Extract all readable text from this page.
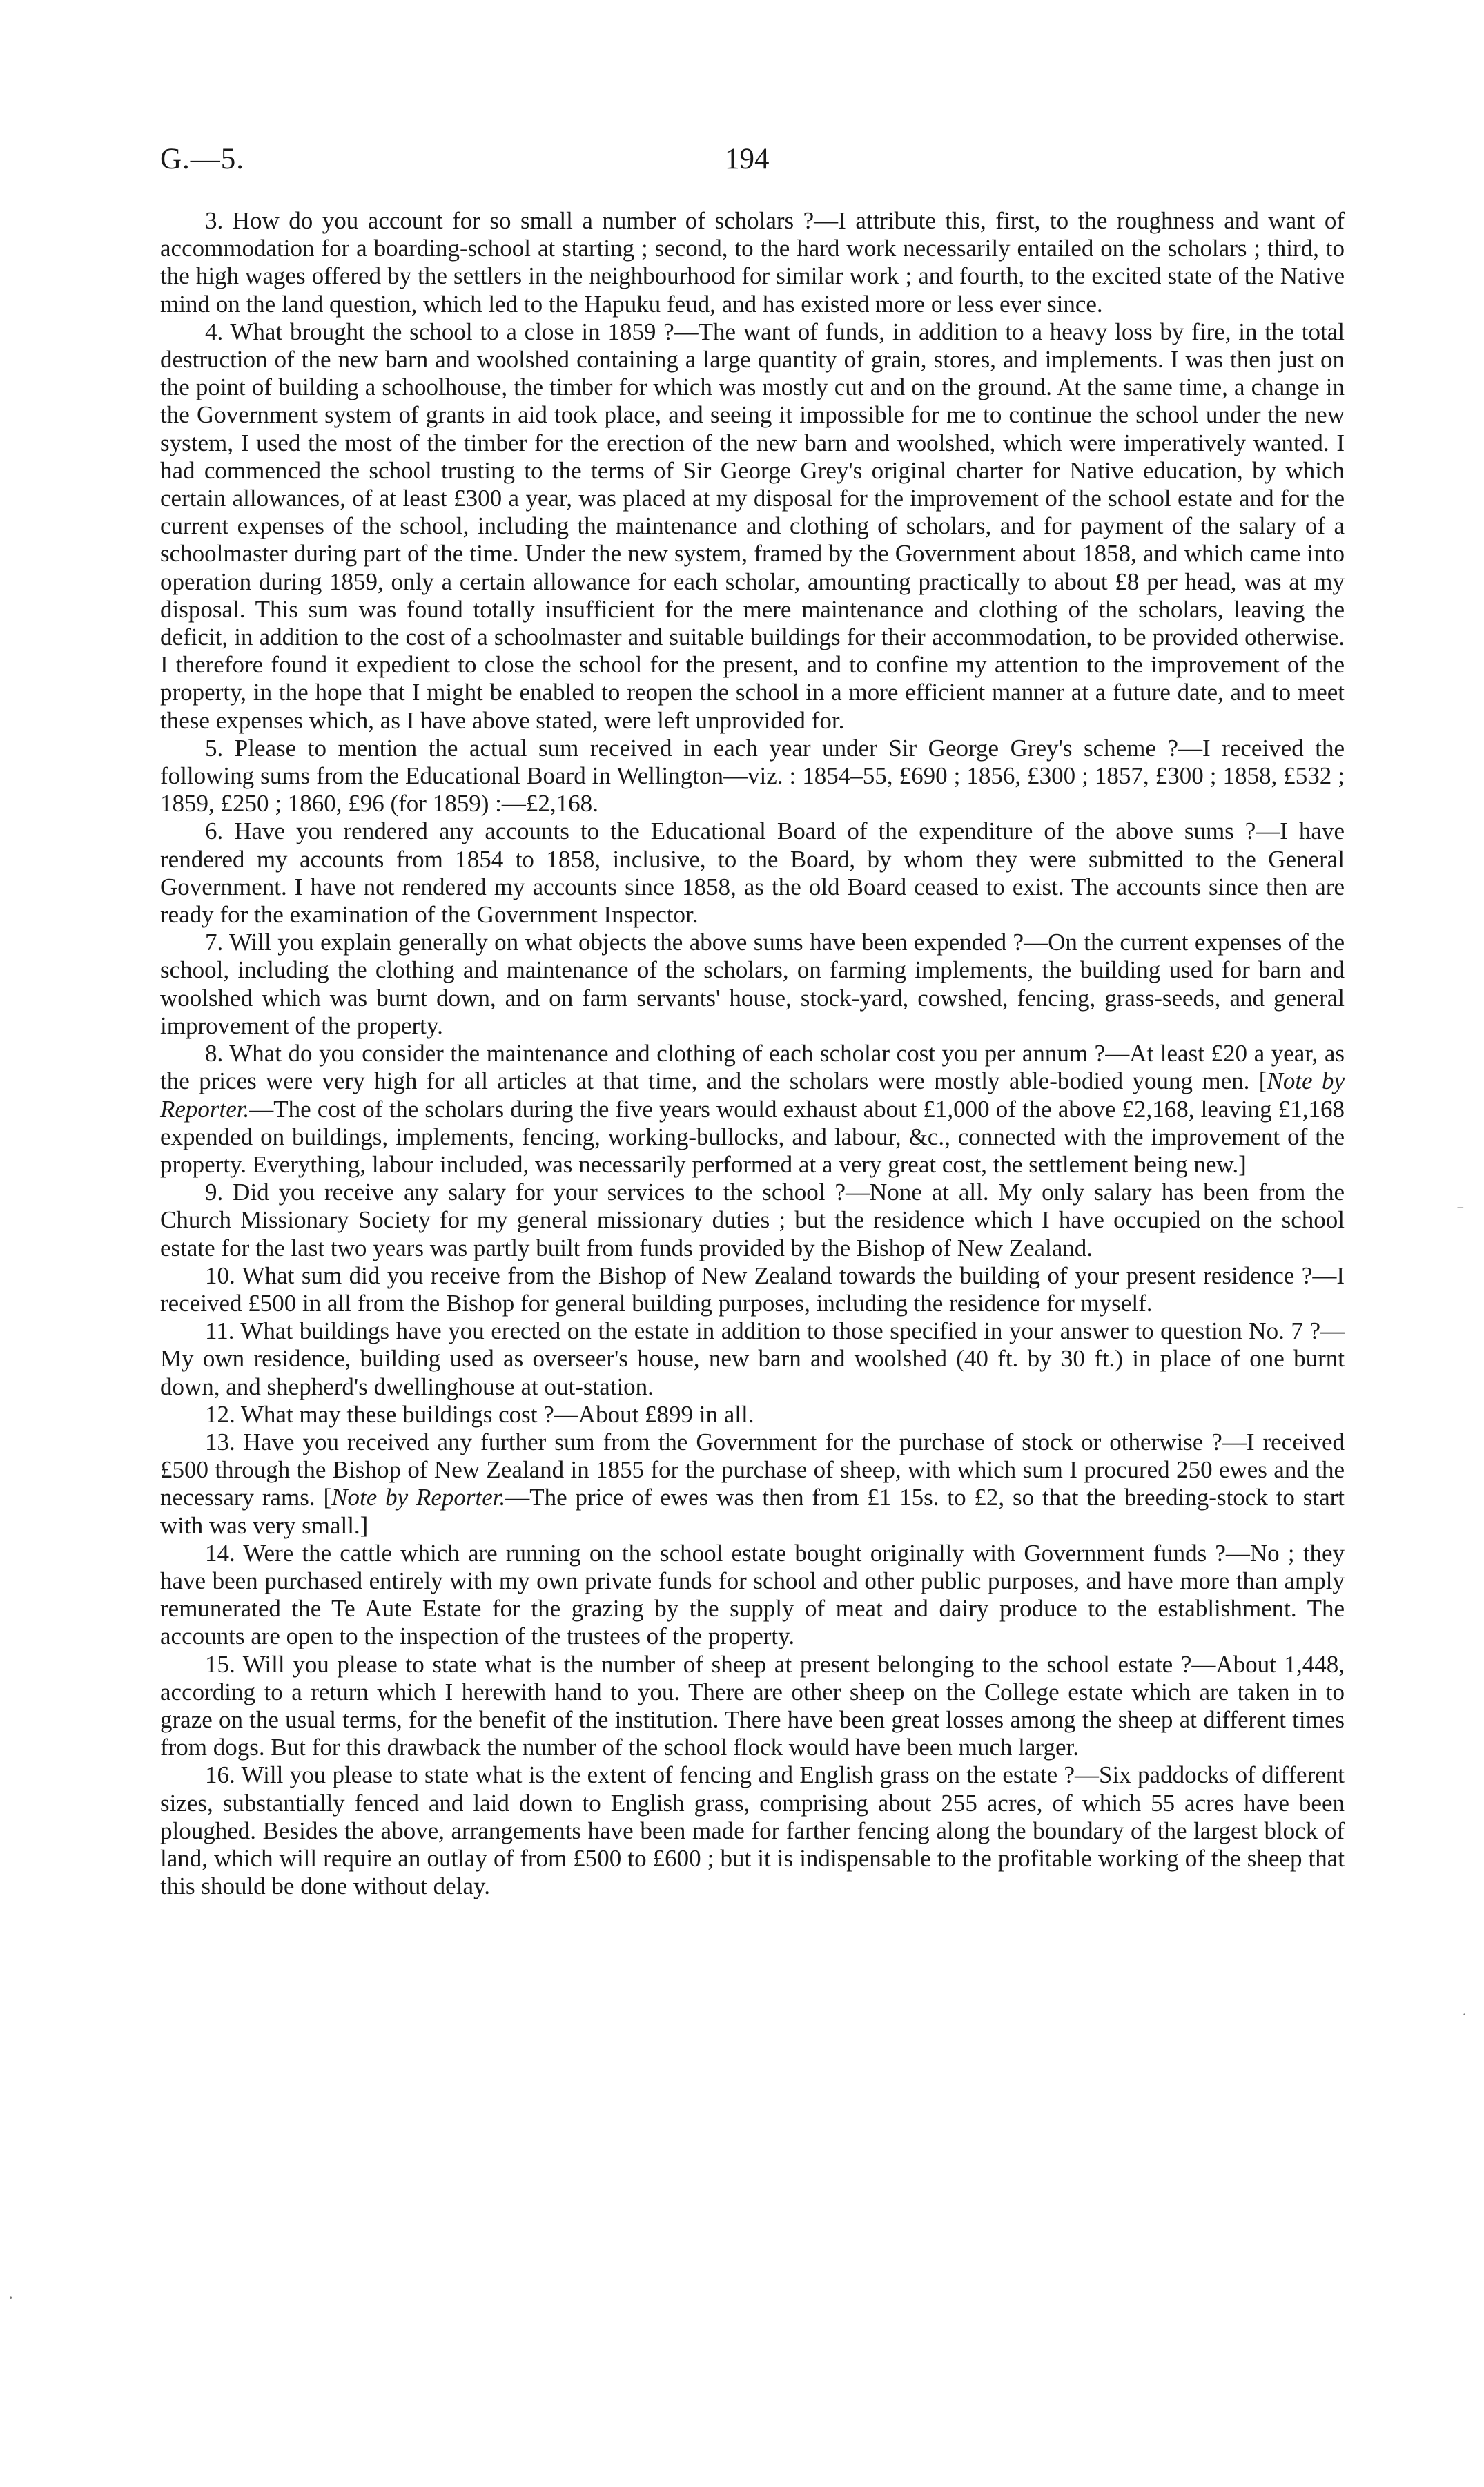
G.—5.	194

3. How do you account for so small a number of scholars ?—I attribute this, first, to the roughness and want of accommodation for a boarding-school at starting ; second, to the hard work necessarily entailed on the scholars ; third, to the high wages offered by the settlers in the neighbourhood for similar work ; and fourth, to the excited state of the Native mind on the land question, which led to the Hapuku feud, and has existed more or less ever since.

4. What brought the school to a close in 1859 ?—The want of funds, in addition to a heavy loss by fire, in the total destruction of the new barn and woolshed containing a large quantity of grain, stores, and implements. I was then just on the point of building a schoolhouse, the timber for which was mostly cut and on the ground. At the same time, a change in the Government system of grants in aid took place, and seeing it impossible for me to continue the school under the new system, I used the most of the timber for the erection of the new barn and woolshed, which were imperatively wanted. I had commenced the school trusting to the terms of Sir George Grey's original charter for Native education, by which certain allowances, of at least £300 a year, was placed at my disposal for the improvement of the school estate and for the current expenses of the school, including the maintenance and clothing of scholars, and for payment of the salary of a schoolmaster during part of the time. Under the new system, framed by the Government about 1858, and which came into operation during 1859, only a certain allowance for each scholar, amounting practically to about £8 per head, was at my disposal. This sum was found totally insufficient for the mere maintenance and clothing of the scholars, leaving the deficit, in addition to the cost of a schoolmaster and suitable buildings for their accommodation, to be provided otherwise. I therefore found it expedient to close the school for the present, and to confine my attention to the improvement of the property, in the hope that I might be enabled to reopen the school in a more efficient manner at a future date, and to meet these expenses which, as I have above stated, were left unprovided for.

5. Please to mention the actual sum received in each year under Sir George Grey's scheme ?—I received the following sums from the Educational Board in Wellington—viz. : 1854–55, £690 ; 1856, £300 ; 1857, £300 ; 1858, £532 ; 1859, £250 ; 1860, £96 (for 1859) :—£2,168.

6. Have you rendered any accounts to the Educational Board of the expenditure of the above sums ?—I have rendered my accounts from 1854 to 1858, inclusive, to the Board, by whom they were submitted to the General Government. I have not rendered my accounts since 1858, as the old Board ceased to exist. The accounts since then are ready for the examination of the Government Inspector.

7. Will you explain generally on what objects the above sums have been expended ?—On the current expenses of the school, including the clothing and maintenance of the scholars, on farming implements, the building used for barn and woolshed which was burnt down, and on farm servants' house, stock-yard, cowshed, fencing, grass-seeds, and general improvement of the property.

8. What do you consider the maintenance and clothing of each scholar cost you per annum ?—At least £20 a year, as the prices were very high for all articles at that time, and the scholars were mostly able-bodied young men. [Note by Reporter.—The cost of the scholars during the five years would exhaust about £1,000 of the above £2,168, leaving £1,168 expended on buildings, implements, fencing, working-bullocks, and labour, &c., connected with the improvement of the property. Everything, labour included, was necessarily performed at a very great cost, the settlement being new.]

9. Did you receive any salary for your services to the school ?—None at all. My only salary has been from the Church Missionary Society for my general missionary duties ; but the residence which I have occupied on the school estate for the last two years was partly built from funds provided by the Bishop of New Zealand.

10. What sum did you receive from the Bishop of New Zealand towards the building of your present residence ?—I received £500 in all from the Bishop for general building purposes, including the residence for myself.

11. What buildings have you erected on the estate in addition to those specified in your answer to question No. 7 ?—My own residence, building used as overseer's house, new barn and woolshed (40 ft. by 30 ft.) in place of one burnt down, and shepherd's dwellinghouse at out-station.

12. What may these buildings cost ?—About £899 in all.

13. Have you received any further sum from the Government for the purchase of stock or otherwise ?—I received £500 through the Bishop of New Zealand in 1855 for the purchase of sheep, with which sum I procured 250 ewes and the necessary rams. [Note by Reporter.—The price of ewes was then from £1 15s. to £2, so that the breeding-stock to start with was very small.]

14. Were the cattle which are running on the school estate bought originally with Government funds ?—No ; they have been purchased entirely with my own private funds for school and other public purposes, and have more than amply remunerated the Te Aute Estate for the grazing by the supply of meat and dairy produce to the establishment. The accounts are open to the inspection of the trustees of the property.

15. Will you please to state what is the number of sheep at present belonging to the school estate ?—About 1,448, according to a return which I herewith hand to you. There are other sheep on the College estate which are taken in to graze on the usual terms, for the benefit of the institution. There have been great losses among the sheep at different times from dogs. But for this drawback the number of the school flock would have been much larger.

16. Will you please to state what is the extent of fencing and English grass on the estate ?—Six paddocks of different sizes, substantially fenced and laid down to English grass, comprising about 255 acres, of which 55 acres have been ploughed. Besides the above, arrangements have been made for farther fencing along the boundary of the largest block of land, which will require an outlay of from £500 to £600 ; but it is indispensable to the profitable working of the sheep that this should be done without delay.

⁻
·
·
